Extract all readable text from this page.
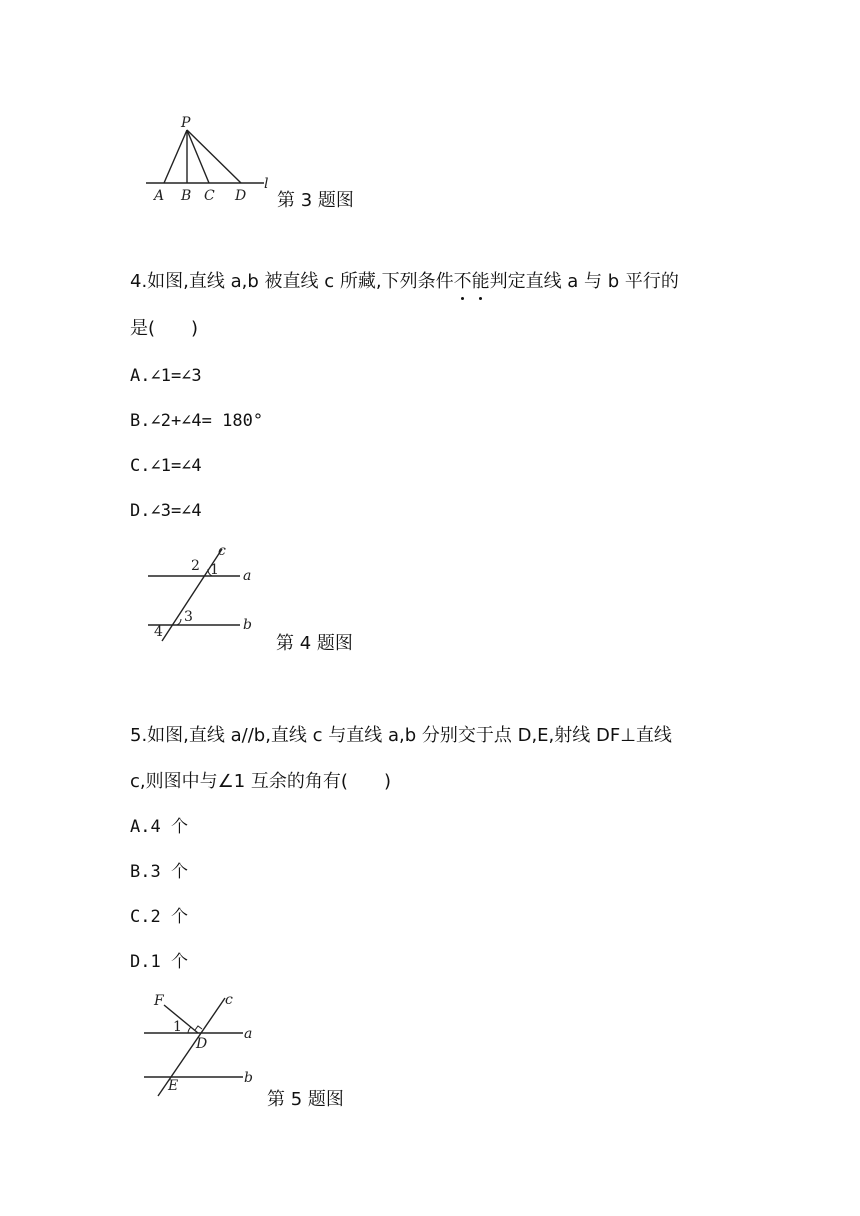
P
A B C D
l
第 3 题图
4.如图,直线 a,b 被直线 c 所藏,下列条件不能判定直线 a 与 b 平行的
是(　　)
A.∠1=∠3
B.∠2+∠4= 180°
C.∠1=∠4
D.∠3=∠4
c
a
b
2 1
3
4
第 4 题图
5.如图,直线 a//b,直线 c 与直线 a,b 分别交于点 D,E,射线 DF⊥直线
c,则图中与∠1 互余的角有(　　)
A.4 个
B.3 个
C.2 个
D.1 个
F	c
1
D
a
E	b
第 5 题图
